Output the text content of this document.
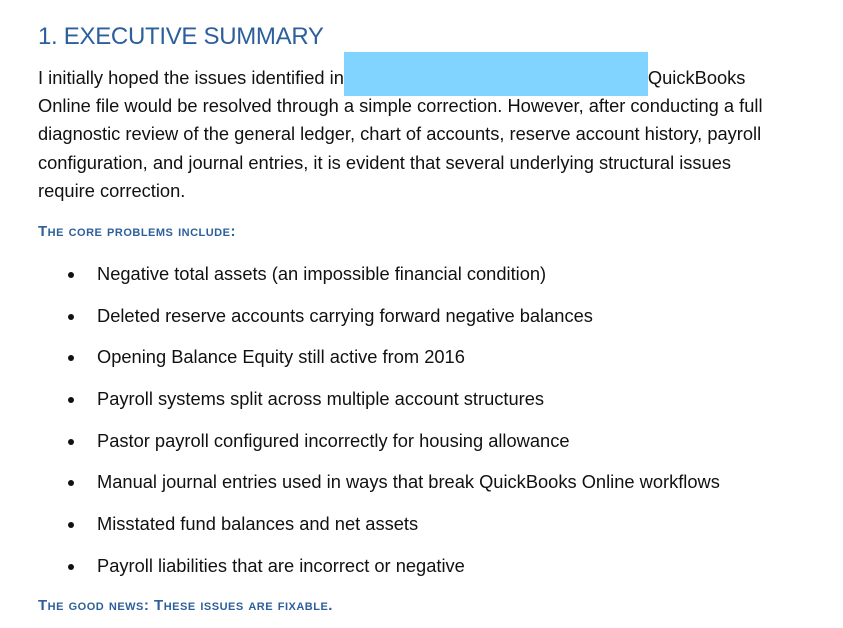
1. EXECUTIVE SUMMARY
I initially hoped the issues identified in	QuickBooks
Online file would be resolved through a simple correction. However, after conducting a full
diagnostic review of the general ledger, chart of accounts, reserve account history, payroll
configuration, and journal entries, it is evident that several underlying structural issues
require correction.
The core problems include:
Negative total assets (an impossible financial condition)
Deleted reserve accounts carrying forward negative balances
Opening Balance Equity still active from 2016
Payroll systems split across multiple account structures
Pastor payroll configured incorrectly for housing allowance
Manual journal entries used in ways that break QuickBooks Online workflows
Misstated fund balances and net assets
Payroll liabilities that are incorrect or negative
The good news: These issues are fixable.
